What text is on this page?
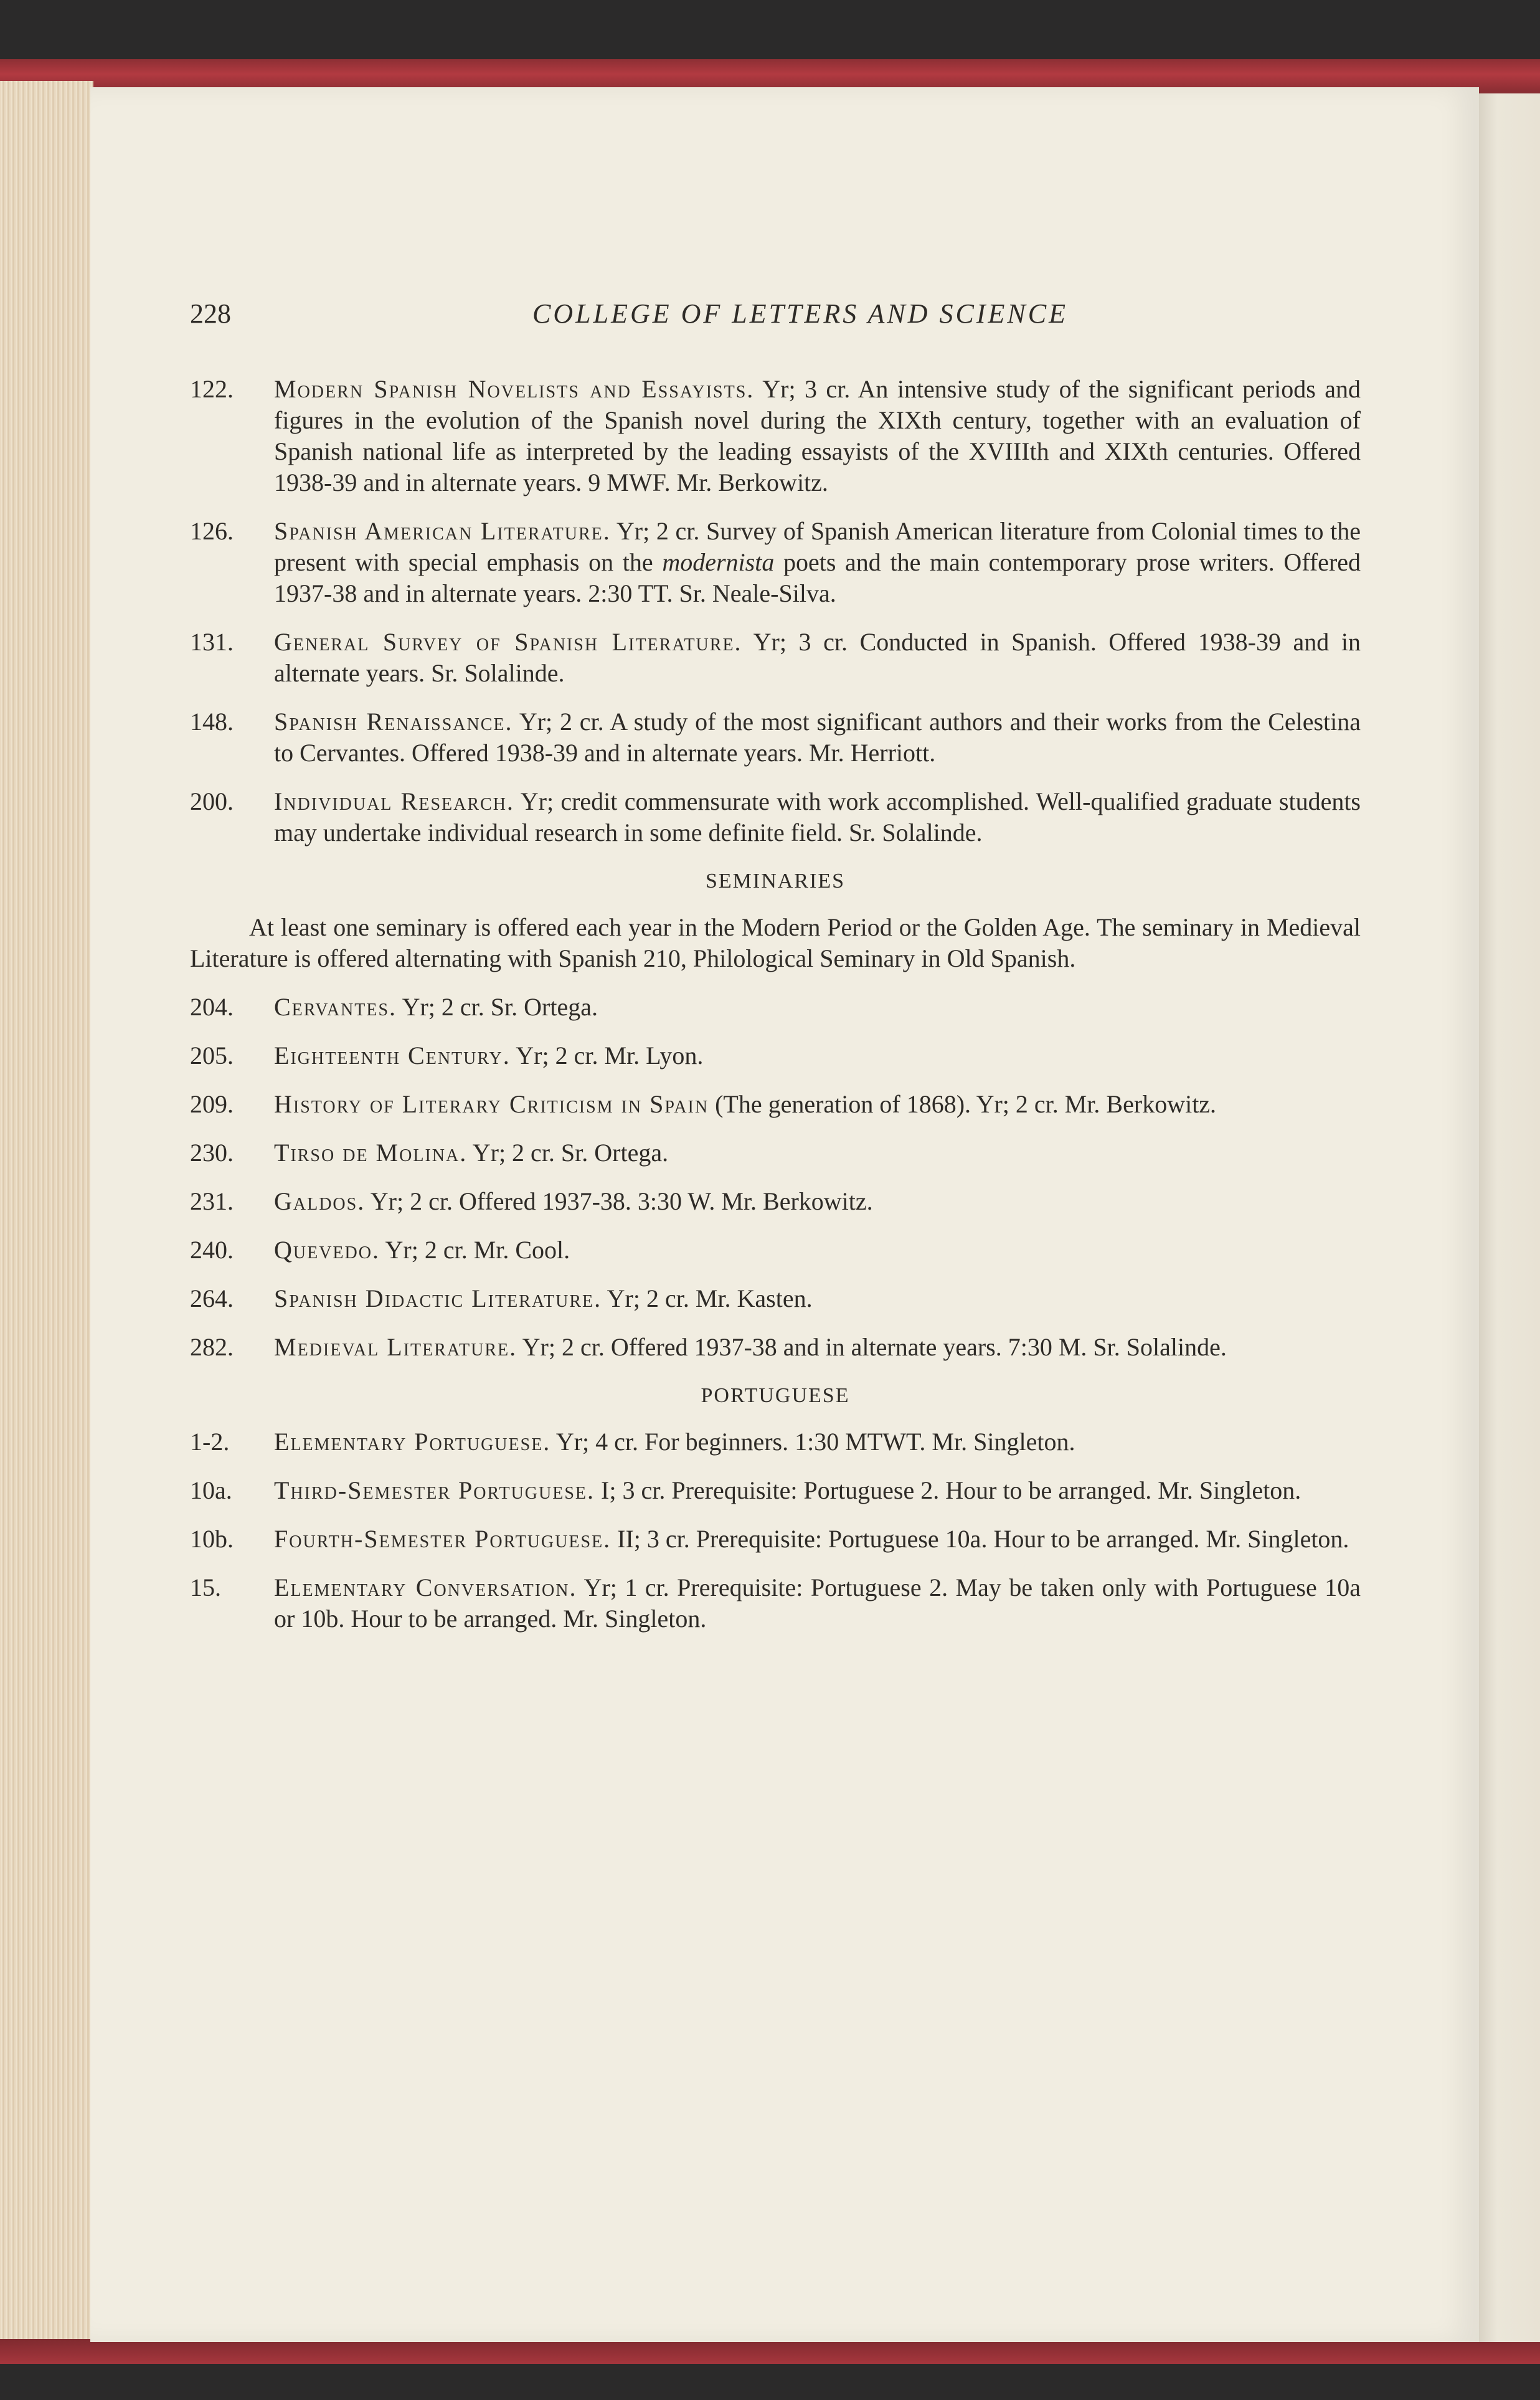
228	COLLEGE OF LETTERS AND SCIENCE
122. Modern Spanish Novelists and Essayists. Yr; 3 cr. An intensive study of the significant periods and figures in the evolution of the Spanish novel during the XIXth century, together with an evaluation of Spanish national life as interpreted by the leading essayists of the XVIIIth and XIXth centuries. Offered 1938-39 and in alternate years. 9 MWF. Mr. Berkowitz.
126. Spanish American Literature. Yr; 2 cr. Survey of Spanish American literature from Colonial times to the present with special emphasis on the modernista poets and the main contemporary prose writers. Offered 1937-38 and in alternate years. 2:30 TT. Sr. Neale-Silva.
131. General Survey of Spanish Literature. Yr; 3 cr. Conducted in Spanish. Offered 1938-39 and in alternate years. Sr. Solalinde.
148. Spanish Renaissance. Yr; 2 cr. A study of the most significant authors and their works from the Celestina to Cervantes. Offered 1938-39 and in alternate years. Mr. Herriott.
200. Individual Research. Yr; credit commensurate with work accomplished. Well-qualified graduate students may undertake individual research in some definite field. Sr. Solalinde.
SEMINARIES
At least one seminary is offered each year in the Modern Period or the Golden Age. The seminary in Medieval Literature is offered alternating with Spanish 210, Philological Seminary in Old Spanish.
204. Cervantes. Yr; 2 cr. Sr. Ortega.
205. Eighteenth Century. Yr; 2 cr. Mr. Lyon.
209. History of Literary Criticism in Spain (The generation of 1868). Yr; 2 cr. Mr. Berkowitz.
230. Tirso de Molina. Yr; 2 cr. Sr. Ortega.
231. Galdos. Yr; 2 cr. Offered 1937-38. 3:30 W. Mr. Berkowitz.
240. Quevedo. Yr; 2 cr. Mr. Cool.
264. Spanish Didactic Literature. Yr; 2 cr. Mr. Kasten.
282. Medieval Literature. Yr; 2 cr. Offered 1937-38 and in alternate years. 7:30 M. Sr. Solalinde.
PORTUGUESE
1-2. Elementary Portuguese. Yr; 4 cr. For beginners. 1:30 MTWT. Mr. Singleton.
10a. Third-Semester Portuguese. I; 3 cr. Prerequisite: Portuguese 2. Hour to be arranged. Mr. Singleton.
10b. Fourth-Semester Portuguese. II; 3 cr. Prerequisite: Portuguese 10a. Hour to be arranged. Mr. Singleton.
15. Elementary Conversation. Yr; 1 cr. Prerequisite: Portuguese 2. May be taken only with Portuguese 10a or 10b. Hour to be arranged. Mr. Singleton.
